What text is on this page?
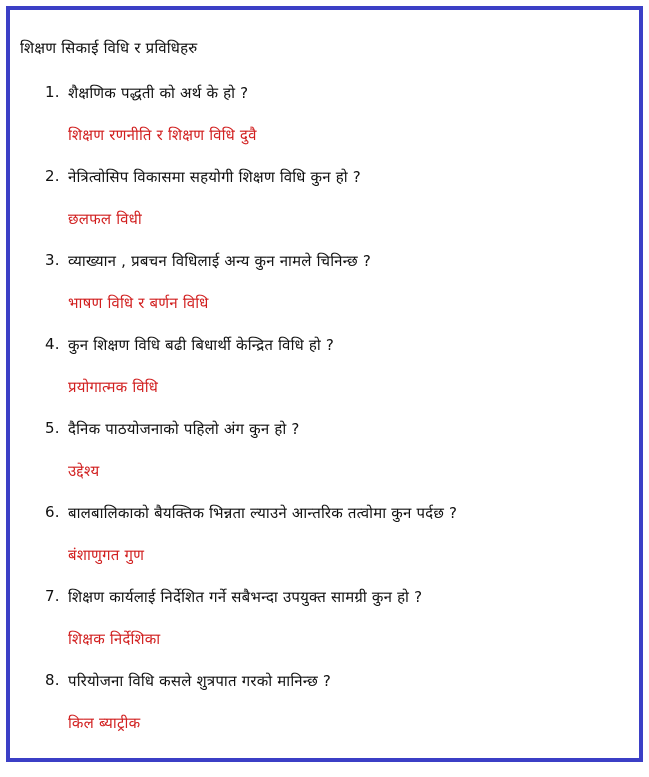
शिक्षण सिकाई विधि र प्रविधिहरु
1. शैक्षणिक पद्धती को अर्थ के हो ?
शिक्षण रणनीति र शिक्षण विधि दुवै
2. नेत्रित्वोसिप विकासमा सहयोगी शिक्षण विधि कुन हो ?
छलफल विधी
3. व्याख्यान , प्रबचन विधिलाई अन्य कुन नामले चिनिन्छ ?
भाषण विधि र बर्णन विधि
4. कुन शिक्षण विधि बढी बिधार्थी केन्द्रित विधि हो ?
प्रयोगात्मक विधि
5. दैनिक पाठयोजनाको पहिलो अंग कुन हो ?
उद्देश्य
6. बालबालिकाको बैयक्तिक भिन्नता ल्याउने आन्तरिक तत्वोमा कुन पर्दछ ?
बंशाणुगत गुण
7. शिक्षण कार्यलाई निर्देशित गर्ने सबैभन्दा उपयुक्त सामग्री कुन हो ?
शिक्षक निर्देशिका
8. परियोजना विधि कसले शुत्रपात गरको मानिन्छ ?
किल ब्याट्रीक
